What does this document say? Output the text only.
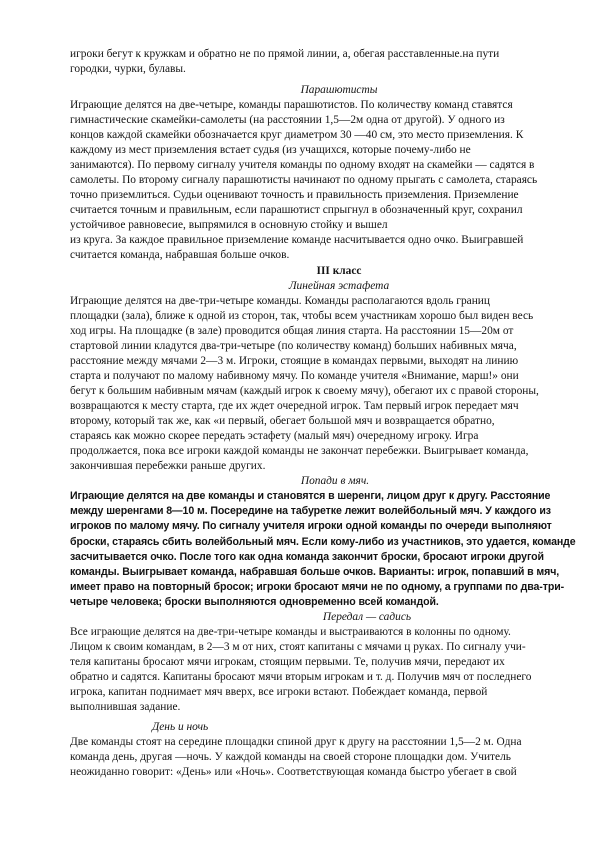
игроки бегут к кружкам и обратно не по прямой линии, а, обегая расставленные.на пути
городки, чурки, булавы.
Парашютисты
Играющие делятся на две-четыре, команды парашютистов. По количеству команд ставятся
гимнастические скамейки-самолеты (на расстоянии 1,5—2м одна от другой). У одного из
концов каждой скамейки обозначается круг диаметром 30 —40 см, это место приземления. К
каждому из мест приземления встает судья (из учащихся, которые почему-либо не
занимаются). По первому сигналу учителя команды по одному входят на скамейки — садятся в
самолеты. По второму сигналу парашютисты начинают по одному прыгать с самолета, стараясь
точно приземлиться. Судьи оценивают точность и правильность приземления. Приземление
считается точным и правильным, если парашютист спрыгнул в обозначенный круг, сохранил
устойчивое равновесие, выпрямился в основную стойку и вышел
из круга. За каждое правильное приземление команде насчитывается одно очко. Выигравшей
считается команда, набравшая больше очков.
III класс
Линейная эстафета
Играющие делятся на две-три-четыре команды. Команды располагаются вдоль границ
площадки (зала), ближе к одной из сторон, так, чтобы всем участникам хорошо был виден весь
ход игры. На площадке (в зале) проводится общая линия старта. На расстоянии 15—20м от
стартовой линии кладутся два-три-четыре (по количеству команд) больших набивных мяча,
расстояние между мячами 2—3 м. Игроки, стоящие в командах первыми, выходят на линию
старта и получают по малому набивному мячу. По команде учителя «Внимание, марш!» они
бегут к большим набивным мячам (каждый игрок к своему мячу), обегают их с правой стороны,
возвращаются к месту старта, где их ждет очередной игрок. Там первый игрок передает мяч
второму, который так же, как «и первый, обегает большой мяч и возвращается обратно,
стараясь как можно скорее передать эстафету (малый мяч) очередному игроку. Игра
продолжается, пока все игроки каждой команды не закончат перебежки. Выигрывает команда,
закончившая перебежки раньше других.
Попади в мяч.
Играющие делятся на две команды и становятся в шеренги, лицом друг к другу. Расстояние
между шеренгами 8—10 м. Посередине на табуретке лежит волейбольный мяч. У каждого из
игроков по малому мячу. По сигналу учителя игроки одной команды по очереди выполняют
броски, стараясь сбить волейбольный мяч. Если кому-либо из участников, это удается, команде
засчитывается очко. После того как одна команда закончит броски, бросают игроки другой
команды. Выигрывает команда, набравшая больше очков. Варианты: игрок, попавший в мяч,
имеет право на повторный бросок; игроки бросают мячи не по одному, а группами по два-три-
четыре человека; броски выполняются одновременно всей командой.
Передал — садись
Все играющие делятся на две-три-четыре команды и выстраиваются в колонны по одному.
Лицом к своим командам, в 2—3 м от них, стоят капитаны с мячами ц руках. По сигналу учи-
теля капитаны бросают мячи игрокам, стоящим первыми. Те, получив мячи, передают их
обратно и садятся. Капитаны бросают мячи вторым игрокам и т. д. Получив мяч от последнего
игрока, капитан поднимает мяч вверх, все игроки встают. Побеждает команда, первой
выполнившая задание.
День и ночь
Две команды стоят на середине площадки спиной друг к другу на расстоянии 1,5—2 м. Одна
команда день, другая —ночь. У каждой команды на своей стороне площадки дом. Учитель
неожиданно говорит: «День» или «Ночь». Соответствующая команда быстро убегает в свой
